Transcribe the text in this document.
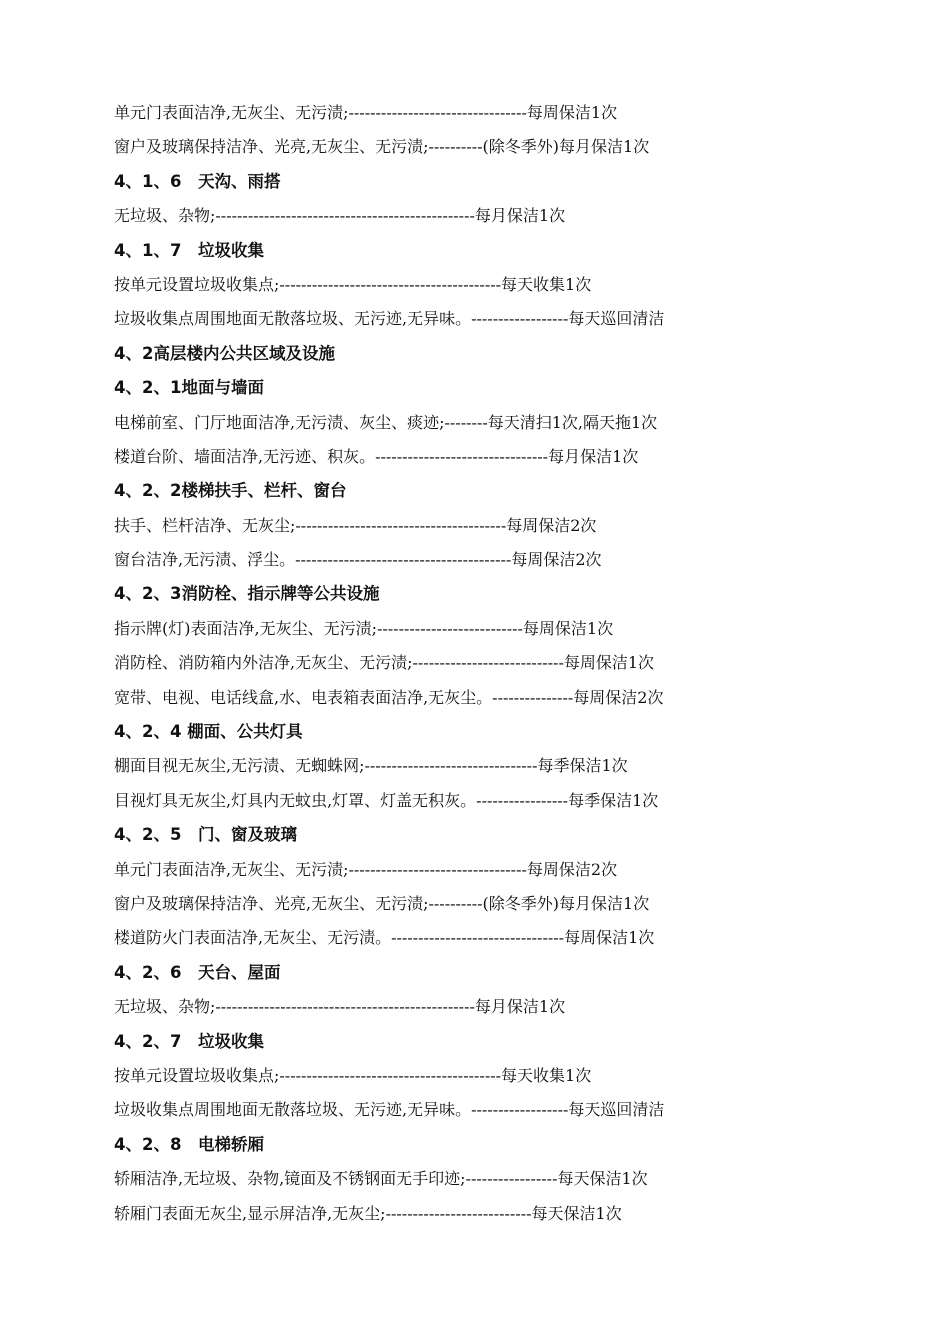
单元门表面洁净,无灰尘、无污渍;---------------------------------每周保洁1次
窗户及玻璃保持洁净、光亮,无灰尘、无污渍;----------(除冬季外)每月保洁1次
4、1、6　天沟、雨搭
无垃圾、杂物;------------------------------------------------每月保洁1次
4、1、7　垃圾收集
按单元设置垃圾收集点;-----------------------------------------每天收集1次
垃圾收集点周围地面无散落垃圾、无污迹,无异味。------------------每天巡回清洁
4、2高层楼内公共区域及设施
4、2、1地面与墙面
电梯前室、门厅地面洁净,无污渍、灰尘、痰迹;--------每天清扫1次,隔天拖1次
楼道台阶、墙面洁净,无污迹、积灰。--------------------------------每月保洁1次
4、2、2楼梯扶手、栏杆、窗台
扶手、栏杆洁净、无灰尘;---------------------------------------每周保洁2次
窗台洁净,无污渍、浮尘。----------------------------------------每周保洁2次
4、2、3消防栓、指示牌等公共设施
指示牌(灯)表面洁净,无灰尘、无污渍;---------------------------每周保洁1次
消防栓、消防箱内外洁净,无灰尘、无污渍;----------------------------每周保洁1次
宽带、电视、电话线盒,水、电表箱表面洁净,无灰尘。---------------每周保洁2次
4、2、4 棚面、公共灯具
棚面目视无灰尘,无污渍、无蜘蛛网;--------------------------------每季保洁1次
目视灯具无灰尘,灯具内无蚊虫,灯罩、灯盖无积灰。-----------------每季保洁1次
4、2、5　门、窗及玻璃
单元门表面洁净,无灰尘、无污渍;---------------------------------每周保洁2次
窗户及玻璃保持洁净、光亮,无灰尘、无污渍;----------(除冬季外)每月保洁1次
楼道防火门表面洁净,无灰尘、无污渍。--------------------------------每周保洁1次
4、2、6　天台、屋面
无垃圾、杂物;------------------------------------------------每月保洁1次
4、2、7　垃圾收集
按单元设置垃圾收集点;-----------------------------------------每天收集1次
垃圾收集点周围地面无散落垃圾、无污迹,无异味。------------------每天巡回清洁
4、2、8　电梯轿厢
轿厢洁净,无垃圾、杂物,镜面及不锈钢面无手印迹;-----------------每天保洁1次
轿厢门表面无灰尘,显示屏洁净,无灰尘;---------------------------每天保洁1次
